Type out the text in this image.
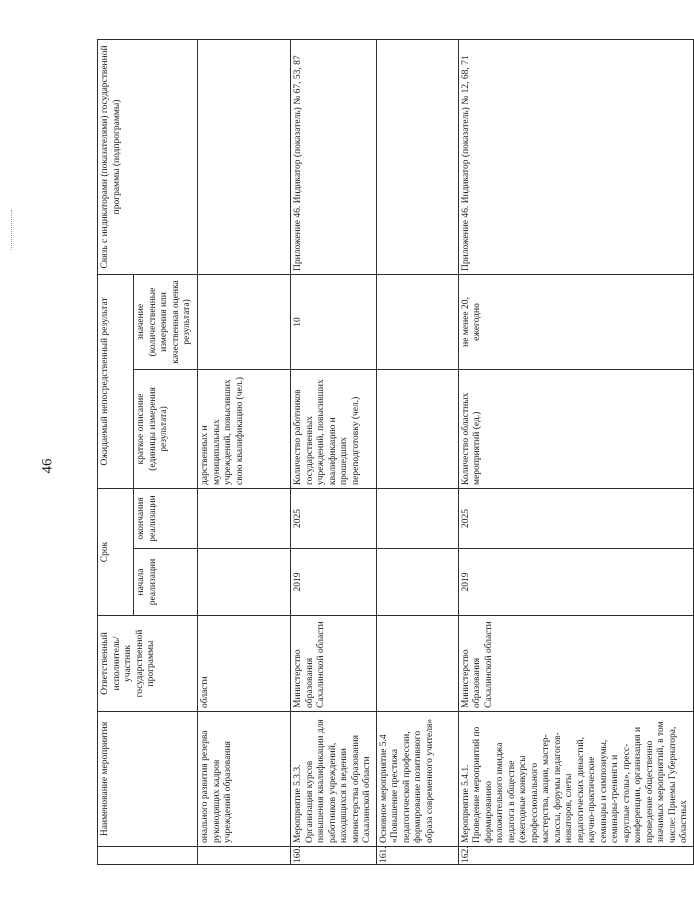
46
	Наименование мероприятия	Ответственный исполнитель/участник государственной программы	Срок		Ожидаемый непосредственный результат		Связь с индикаторами (показателями) государственной программы (подпрограммы)
			начала реализации	окончания реализации	краткое описание (единицы измерения результата)	значение (количественные измерения или качественная оценка результата)	
	онального развития резерва руководящих кадров учреждений образования	области			дарственных и муниципальных учреждений, повысивших свою квалификацию (чел.)		
160.	Мероприятие 5.3.3. Организация курсов повышения квалификации для работников учреждений, находящихся в ведении министерства образования Сахалинской области	Министерство образования Сахалинской области	2019	2025	Количество работников государственных учреждений, повысивших квалификацию и прошедших переподготовку (чел.)	10	Приложение 46. Индикатор (показатель) № 67, 53, 87
161.	Основное мероприятие 5.4 «Повышение престижа педагогической профессии, формирование позитивного образа современного учителя»						
162.	Мероприятие 5.4.1. Проведение мероприятий по формированию положительного имиджа педагога в обществе (ежегодные конкурсы профессионального мастерства, акции, мастер-классы, форумы педагогов-новаторов, слеты педагогических династий, научно-практические семинары и симпозиумы, семинары-тренинги и «круглые столы», пресс-конференции, организация и проведение общественно значимых мероприятий, в том числе: Приемы Губернатора, областных	Министерство образования Сахалинской области	2019	2025	Количество областных мероприятий (ед.)	не менее 20, ежегодно	Приложение 46. Индикатор (показатель) № 12, 68, 71
